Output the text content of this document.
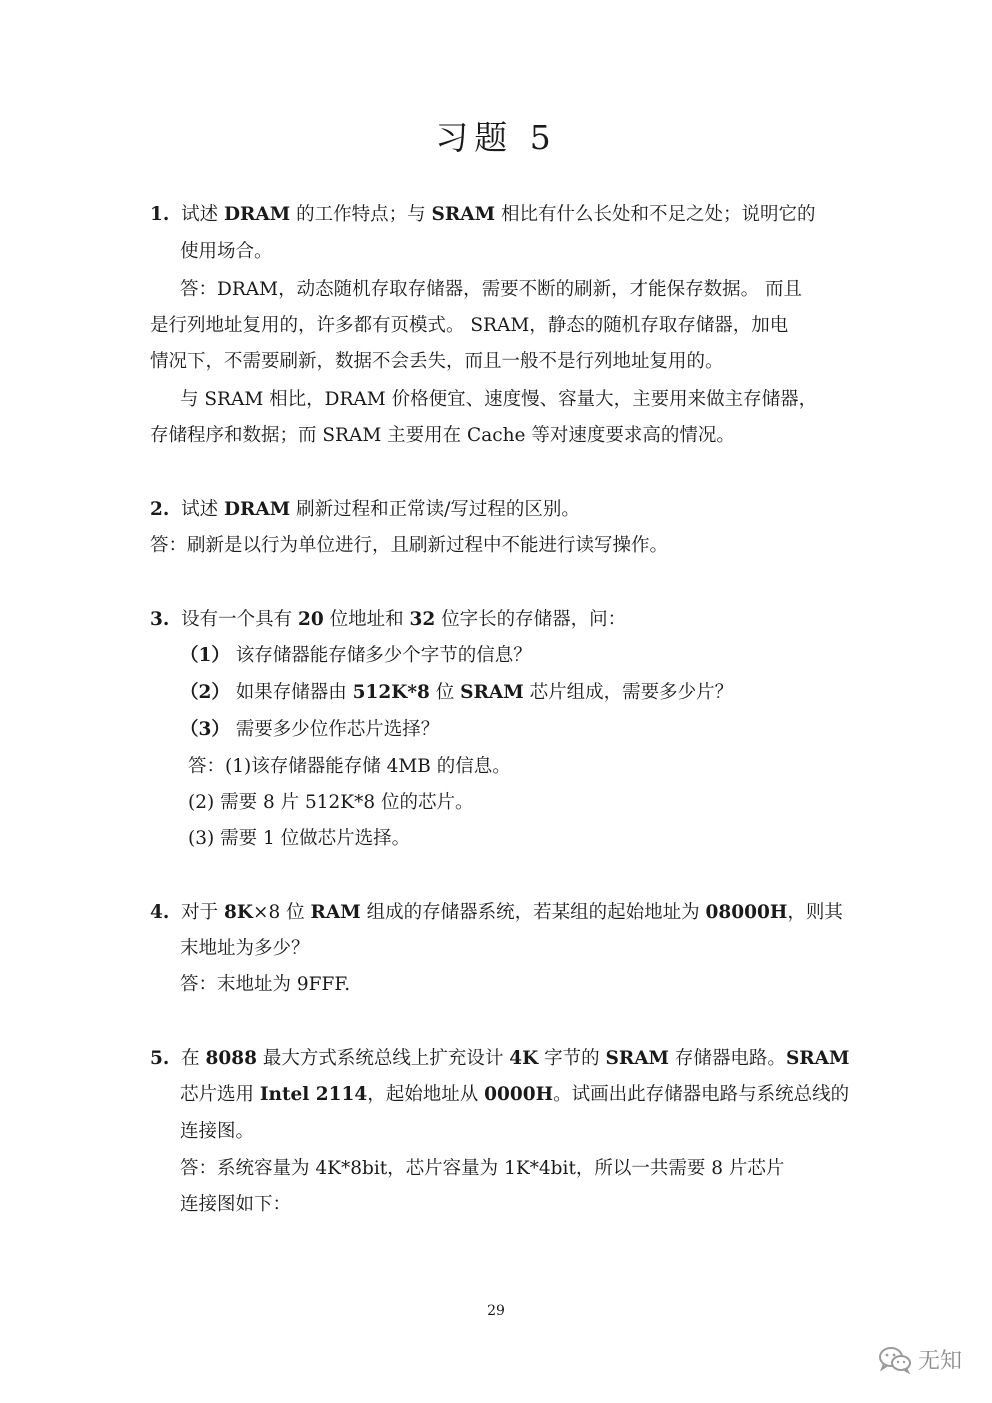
习题 5
1. 试述 DRAM 的工作特点；与 SRAM 相比有什么长处和不足之处；说明它的
使用场合。
答：DRAM，动态随机存取存储器，需要不断的刷新，才能保存数据。 而且
是行列地址复用的，许多都有页模式。 SRAM，静态的随机存取存储器，加电
情况下，不需要刷新，数据不会丢失，而且一般不是行列地址复用的。
与 SRAM 相比，DRAM 价格便宜、速度慢、容量大，主要用来做主存储器，
存储程序和数据；而 SRAM 主要用在 Cache 等对速度要求高的情况。
2. 试述 DRAM 刷新过程和正常读/写过程的区别。
答：刷新是以行为单位进行，且刷新过程中不能进行读写操作。
3. 设有一个具有 20 位地址和 32 位字长的存储器，问：
（1） 该存储器能存储多少个字节的信息？
（2） 如果存储器由 512K*8 位 SRAM 芯片组成，需要多少片？
（3） 需要多少位作芯片选择？
答：(1)该存储器能存储 4MB 的信息。
(2) 需要 8 片 512K*8 位的芯片。
(3) 需要 1 位做芯片选择。
4. 对于 8K×8 位 RAM 组成的存储器系统，若某组的起始地址为 08000H，则其
末地址为多少？
答：末地址为 9FFF.
5. 在 8088 最大方式系统总线上扩充设计 4K 字节的 SRAM 存储器电路。SRAM
芯片选用 Intel 2114，起始地址从 0000H。试画出此存储器电路与系统总线的
连接图。
答：系统容量为 4K*8bit，芯片容量为 1K*4bit，所以一共需要 8 片芯片
连接图如下：
29
无知
